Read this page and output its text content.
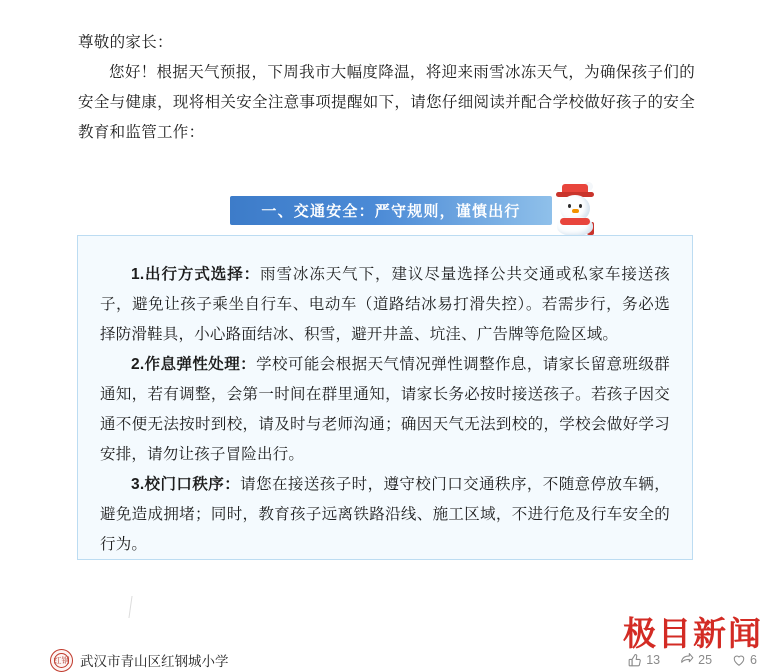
尊敬的家长：

您好！根据天气预报，下周我市大幅度降温，将迎来雨雪冰冻天气，为确保孩子们的安全与健康，现将相关安全注意事项提醒如下，请您仔细阅读并配合学校做好孩子的安全教育和监管工作：

一、交通安全：严守规则，谨慎出行

1.出行方式选择：雨雪冰冻天气下，建议尽量选择公共交通或私家车接送孩子，避免让孩子乘坐自行车、电动车（道路结冰易打滑失控）。若需步行，务必选择防滑鞋具，小心路面结冰、积雪，避开井盖、坑洼、广告牌等危险区域。

2.作息弹性处理：学校可能会根据天气情况弹性调整作息，请家长留意班级群通知，若有调整，会第一时间在群里通知，请家长务必按时接送孩子。若孩子因交通不便无法按时到校，请及时与老师沟通；确因天气无法到校的，学校会做好学习安排，请勿让孩子冒险出行。

3.校门口秩序：请您在接送孩子时，遵守校门口交通秩序，不随意停放车辆，避免造成拥堵；同时，教育孩子远离铁路沿线、施工区域，不进行危及行车安全的行为。

极目新闻
红钢 武汉市青山区红钢城小学	13	25	6
